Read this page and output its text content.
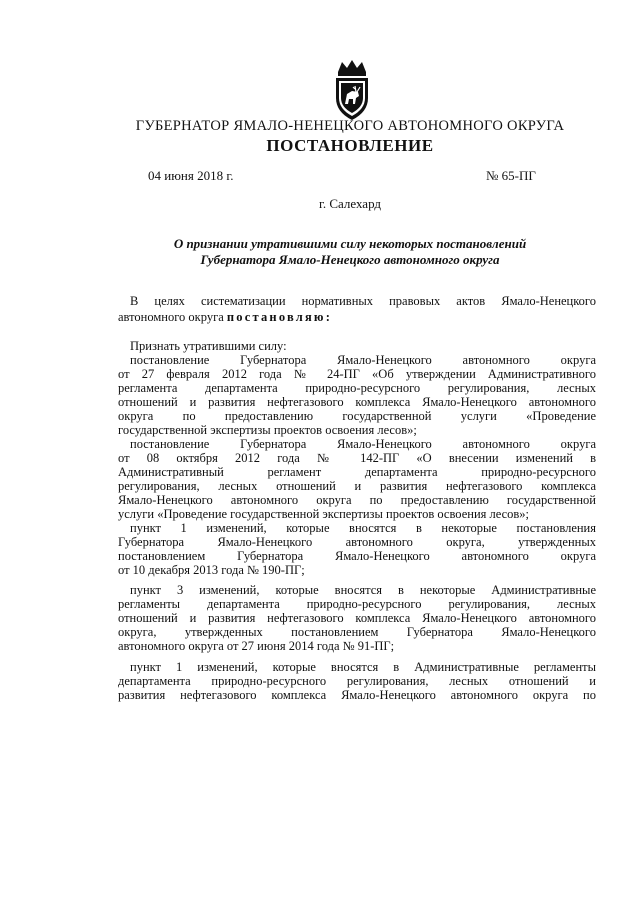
ГУБЕРНАТОР ЯМАЛО-НЕНЕЦКОГО АВТОНОМНОГО ОКРУГА
ПОСТАНОВЛЕНИЕ
04 июня 2018 г.	№ 65-ПГ
г. Салехард
О признании утратившими силу некоторых постановлений
Губернатора Ямало-Ненецкого автономного округа
В целях систематизации нормативных правовых актов Ямало-Ненецкого
автономного округа постановляю:
Признать утратившими силу:
постановление Губернатора Ямало-Ненецкого автономного округа
от 27 февраля 2012 года № 24-ПГ «Об утверждении Административного
регламента департамента природно-ресурсного регулирования, лесных
отношений и развития нефтегазового комплекса Ямало-Ненецкого автономного
округа по предоставлению государственной услуги «Проведение
государственной экспертизы проектов освоения лесов»;
постановление Губернатора Ямало-Ненецкого автономного округа
от 08 октября 2012 года № 142-ПГ «О внесении изменений в
Административный регламент департамента природно-ресурсного
регулирования, лесных отношений и развития нефтегазового комплекса
Ямало-Ненецкого автономного округа по предоставлению государственной
услуги «Проведение государственной экспертизы проектов освоения лесов»;
пункт 1 изменений, которые вносятся в некоторые постановления
Губернатора Ямало-Ненецкого автономного округа, утвержденных
постановлением Губернатора Ямало-Ненецкого автономного округа
от 10 декабря 2013 года № 190-ПГ;
пункт 3 изменений, которые вносятся в некоторые Административные
регламенты департамента природно-ресурсного регулирования, лесных
отношений и развития нефтегазового комплекса Ямало-Ненецкого автономного
округа, утвержденных постановлением Губернатора Ямало-Ненецкого
автономного округа от 27 июня 2014 года № 91-ПГ;
пункт 1 изменений, которые вносятся в Административные регламенты
департамента природно-ресурсного регулирования, лесных отношений и
развития нефтегазового комплекса Ямало-Ненецкого автономного округа по
